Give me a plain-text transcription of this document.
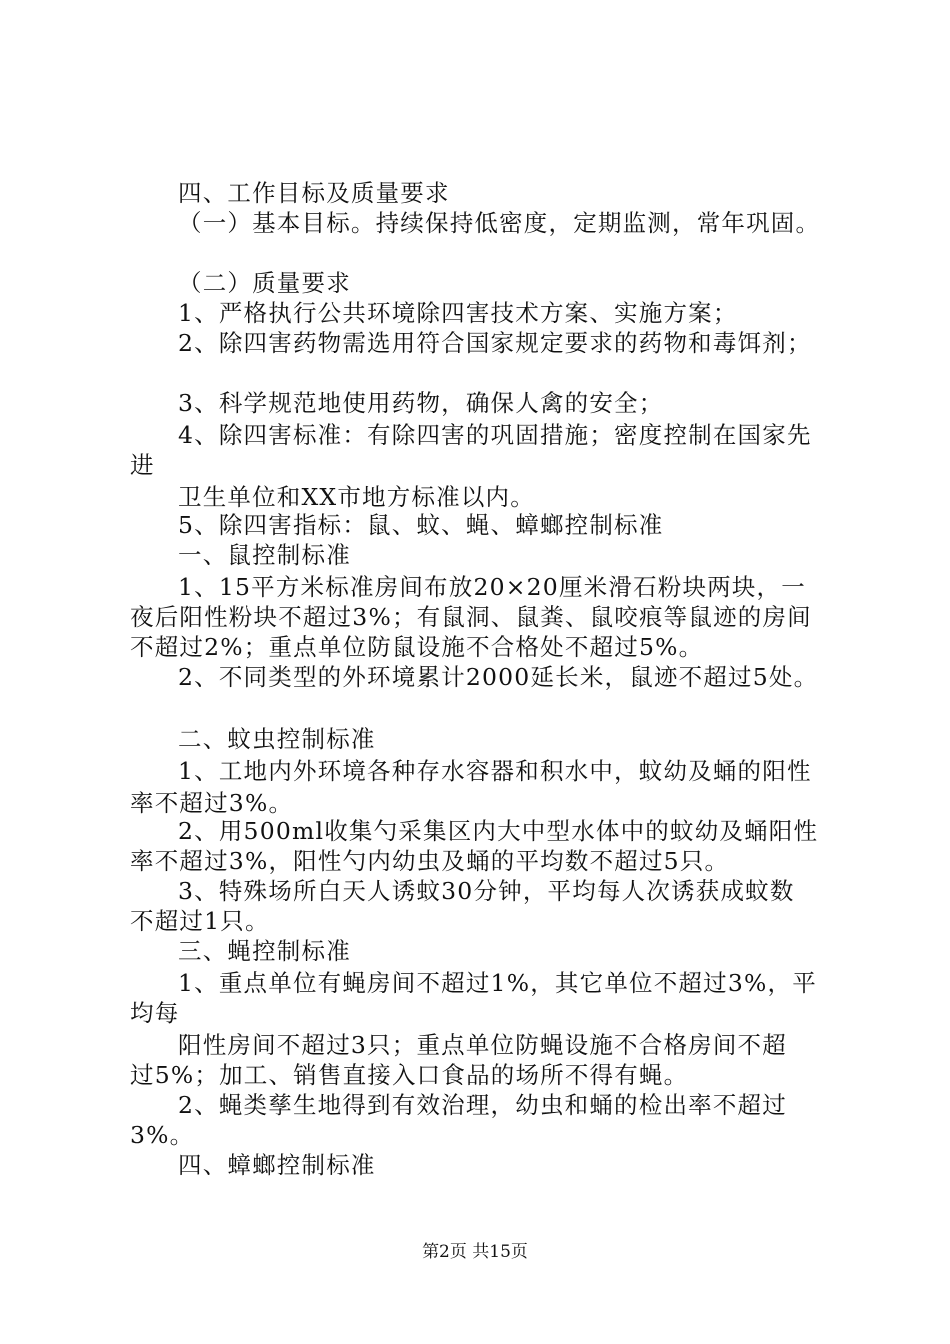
四、工作目标及质量要求
（一）基本目标。持续保持低密度，定期监测，常年巩固。
（二）质量要求
1、严格执行公共环境除四害技术方案、实施方案；
2、除四害药物需选用符合国家规定要求的药物和毒饵剂；
3、科学规范地使用药物，确保人禽的安全；
4、除四害标准：有除四害的巩固措施；密度控制在国家先
进
卫生单位和XX市地方标准以内。
5、除四害指标：鼠、蚊、蝇、蟑螂控制标准
一、鼠控制标准
1、15平方米标准房间布放20×20厘米滑石粉块两块，一
夜后阳性粉块不超过3%；有鼠洞、鼠粪、鼠咬痕等鼠迹的房间
不超过2%；重点单位防鼠设施不合格处不超过5%。
2、不同类型的外环境累计2000延长米，鼠迹不超过5处。
二、蚊虫控制标准
1、工地内外环境各种存水容器和积水中，蚊幼及蛹的阳性
率不超过3%。
2、用500ml收集勺采集区内大中型水体中的蚊幼及蛹阳性
率不超过3%，阳性勺内幼虫及蛹的平均数不超过5只。
3、特殊场所白天人诱蚊30分钟，平均每人次诱获成蚊数
不超过1只。
三、蝇控制标准
1、重点单位有蝇房间不超过1%，其它单位不超过3%，平
均每
阳性房间不超过3只；重点单位防蝇设施不合格房间不超
过5%；加工、销售直接入口食品的场所不得有蝇。
2、蝇类孳生地得到有效治理，幼虫和蛹的检出率不超过
3%。
四、蟑螂控制标准
第2页 共15页
